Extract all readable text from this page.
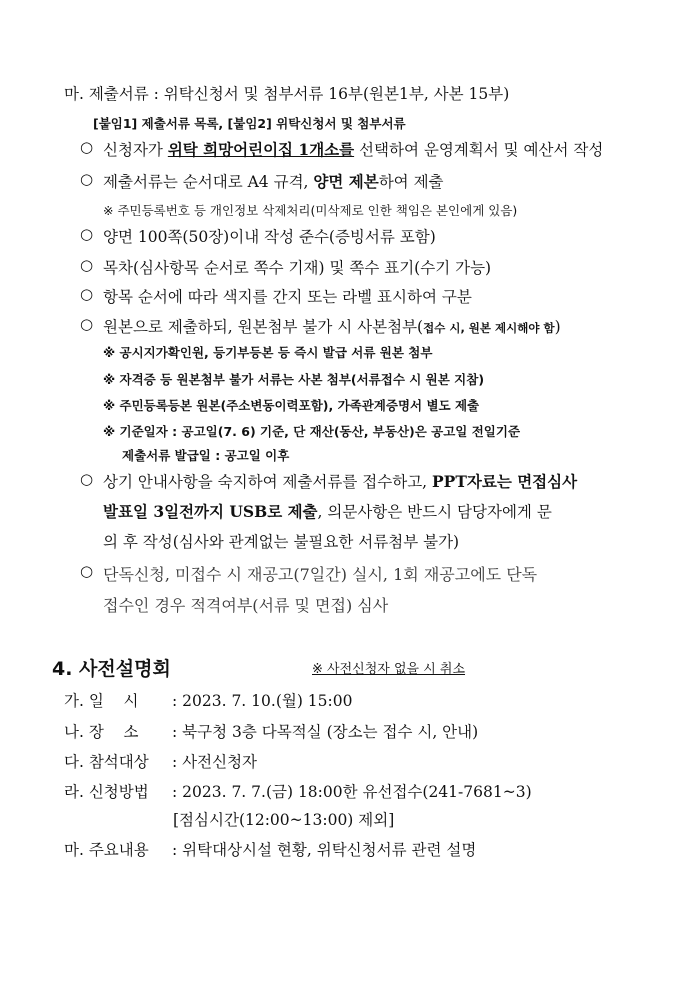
마. 제출서류 : 위탁신청서 및 첨부서류 16부(원본1부, 사본 15부)
[붙임1] 제출서류 목록, [붙임2] 위탁신청서 및 첨부서류
○ 신청자가 위탁 희망어린이집 1개소를 선택하여 운영계획서 및 예산서 작성
○ 제출서류는 순서대로 A4 규격, 양면 제본하여 제출
※ 주민등록번호 등 개인정보 삭제처리(미삭제로 인한 책임은 본인에게 있음)
○ 양면 100쪽(50장)이내 작성 준수(증빙서류 포함)
○ 목차(심사항목 순서로 쪽수 기재) 및 쪽수 표기(수기 가능)
○ 항목 순서에 따라 색지를 간지 또는 라벨 표시하여 구분
○ 원본으로 제출하되, 원본첨부 불가 시 사본첨부(접수 시, 원본 제시해야 함)
※ 공시지가확인원, 등기부등본 등 즉시 발급 서류 원본 첨부
※ 자격증 등 원본첨부 불가 서류는 사본 첨부(서류접수 시 원본 지참)
※ 주민등록등본 원본(주소변동이력포함), 가족관계증명서 별도 제출
※ 기준일자 : 공고일(7. 6) 기준, 단 재산(동산, 부동산)은 공고일 전일기준
제출서류 발급일 : 공고일 이후
○ 상기 안내사항을 숙지하여 제출서류를 접수하고, PPT자료는 면접심사
발표일 3일전까지 USB로 제출, 의문사항은 반드시 담당자에게 문
의 후 작성(심사와 관계없는 불필요한 서류첨부 불가)
○ 단독신청, 미접수 시 재공고(7일간) 실시, 1회 재공고에도 단독
접수인 경우 적격여부(서류 및 면접) 심사
4. 사전설명회	※ 사전신청자 없을 시 취소
가. 일    시 : 2023. 7. 10.(월) 15:00
나. 장    소 : 북구청 3층 다목적실 (장소는 접수 시, 안내)
다. 참석대상 : 사전신청자
라. 신청방법 : 2023. 7. 7.(금) 18:00한 유선접수(241-7681~3)
[점심시간(12:00~13:00) 제외]
마. 주요내용 : 위탁대상시설 현황, 위탁신청서류 관련 설명
